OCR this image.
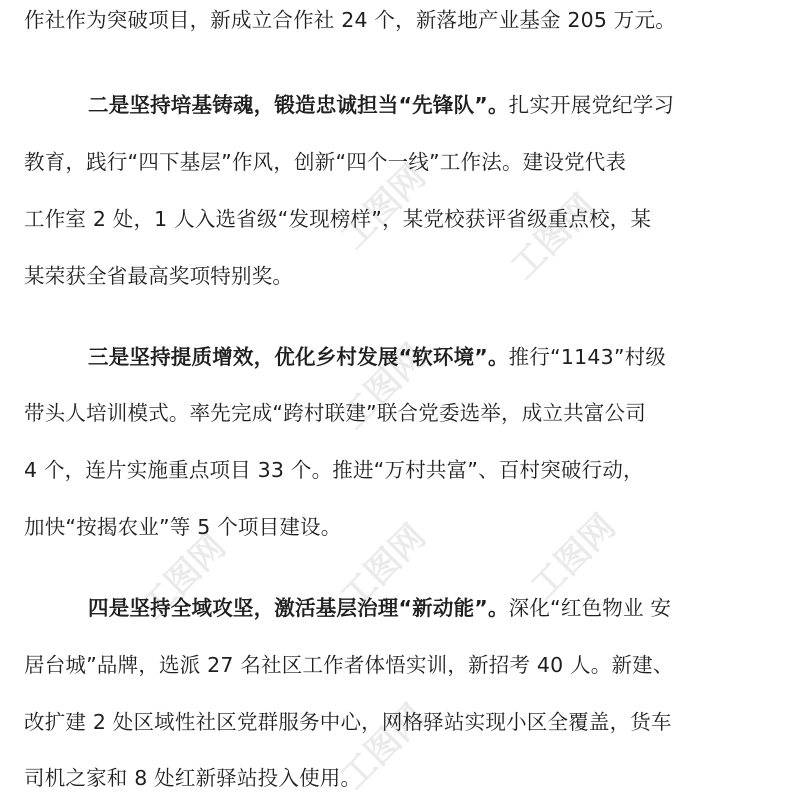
工图网 工图网
工图网
工图网	工图网	工图网
工图网
作社作为突破项目，新成立合作社 24 个，新落地产业基金 205 万元。
二是坚持培基铸魂，锻造忠诚担当“先锋队”。扎实开展党纪学习
教育，践行“四下基层”作风，创新“四个一线”工作法。建设党代表
工作室 2 处，1 人入选省级“发现榜样”，某党校获评省级重点校，某
某荣获全省最高奖项特别奖。
三是坚持提质增效，优化乡村发展“软环境”。推行“1143”村级
带头人培训模式。率先完成“跨村联建”联合党委选举，成立共富公司
4 个，连片实施重点项目 33 个。推进“万村共富”、百村突破行动，
加快“按揭农业”等 5 个项目建设。
四是坚持全域攻坚，激活基层治理“新动能”。深化“红色物业 安
居台城”品牌，选派 27 名社区工作者体悟实训，新招考 40 人。新建、
改扩建 2 处区域性社区党群服务中心，网格驿站实现小区全覆盖，货车
司机之家和 8 处红新驿站投入使用。
